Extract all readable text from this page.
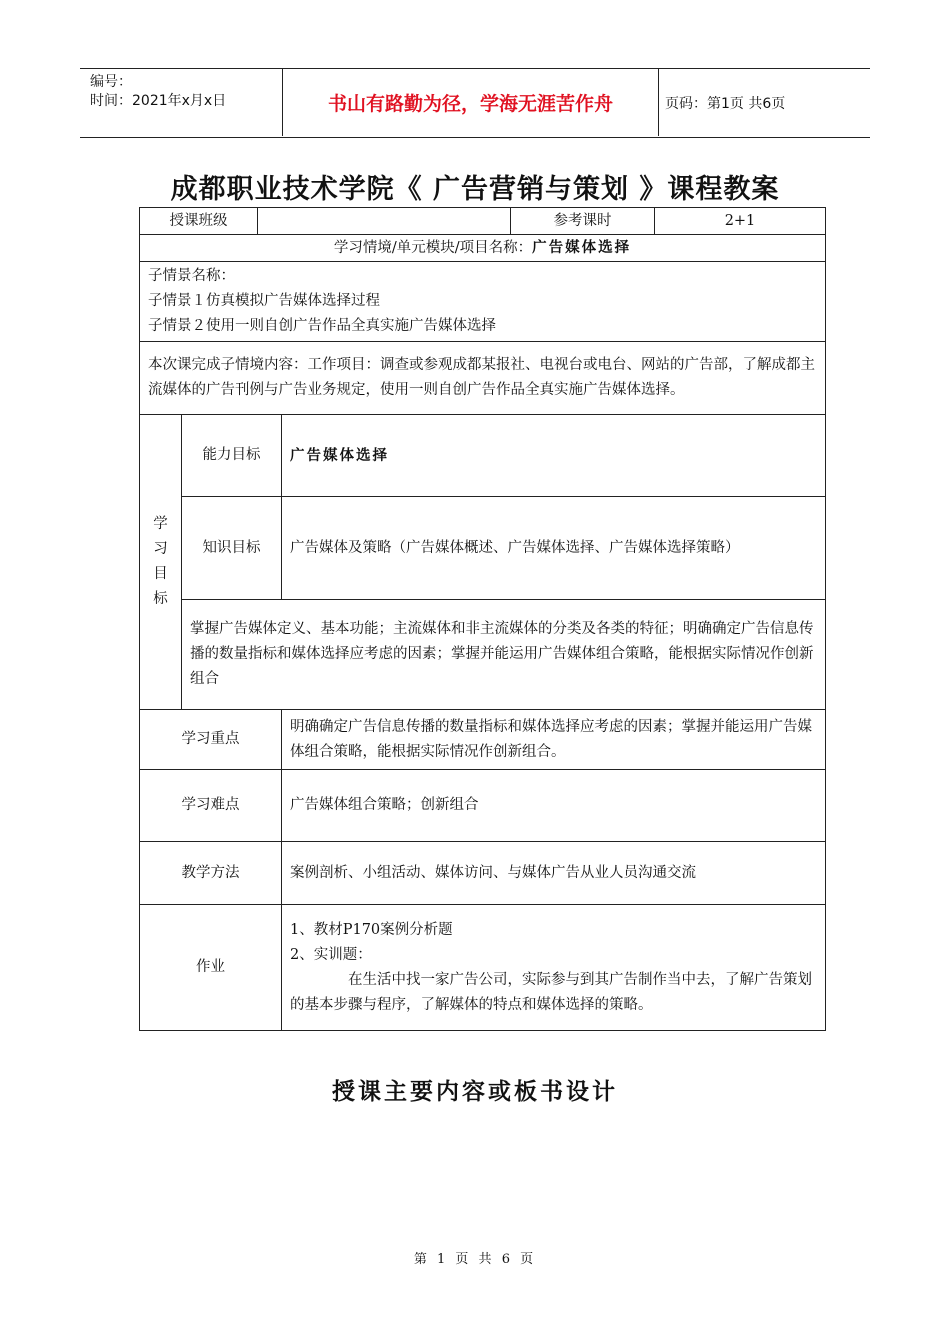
编号：
时间：2021年x月x日	书山有路勤为径，学海无涯苦作舟	页码：第1页 共6页
成都职业技术学院《 广告营销与策划 》课程教案
授课班级				参考课时	2+1
学习情境/单元模块/项目名称：广告媒体选择					

子情景名称：
子情景１仿真模拟广告媒体选择过程
子情景２使用一则自创广告作品全真实施广告媒体选择					

本次课完成子情境内容：工作项目：调查或参观成都某报社、电视台或电台、网站的广告部，了解成都主流媒体的广告刊例与广告业务规定，使用一则自创广告作品全真实施广告媒体选择。					

学
习
目
标	能力目标		广告媒体选择		
	知识目标		广告媒体及策略（广告媒体概述、广告媒体选择、广告媒体选择策略）		
	掌握广告媒体定义、基本功能；主流媒体和非主流媒体的分类及各类的特征；明确确定广告信息传播的数量指标和媒体选择应考虑的因素；掌握并能运用广告媒体组合策略，能根据实际情况作创新组合				
学习重点			明确确定广告信息传播的数量指标和媒体选择应考虑的因素；掌握并能运用广告媒体组合策略，能根据实际情况作创新组合。		
学习难点			广告媒体组合策略；创新组合		
教学方法			案例剖析、小组活动、媒体访问、与媒体广告从业人员沟通交流		
作业			1、教材P170案例分析题
2、实训题：
在生活中找一家广告公司，实际参与到其广告制作当中去，了解广告策划的基本步骤与程序，了解媒体的特点和媒体选择的策略。		
授课主要内容或板书设计
第 1 页 共 6 页
